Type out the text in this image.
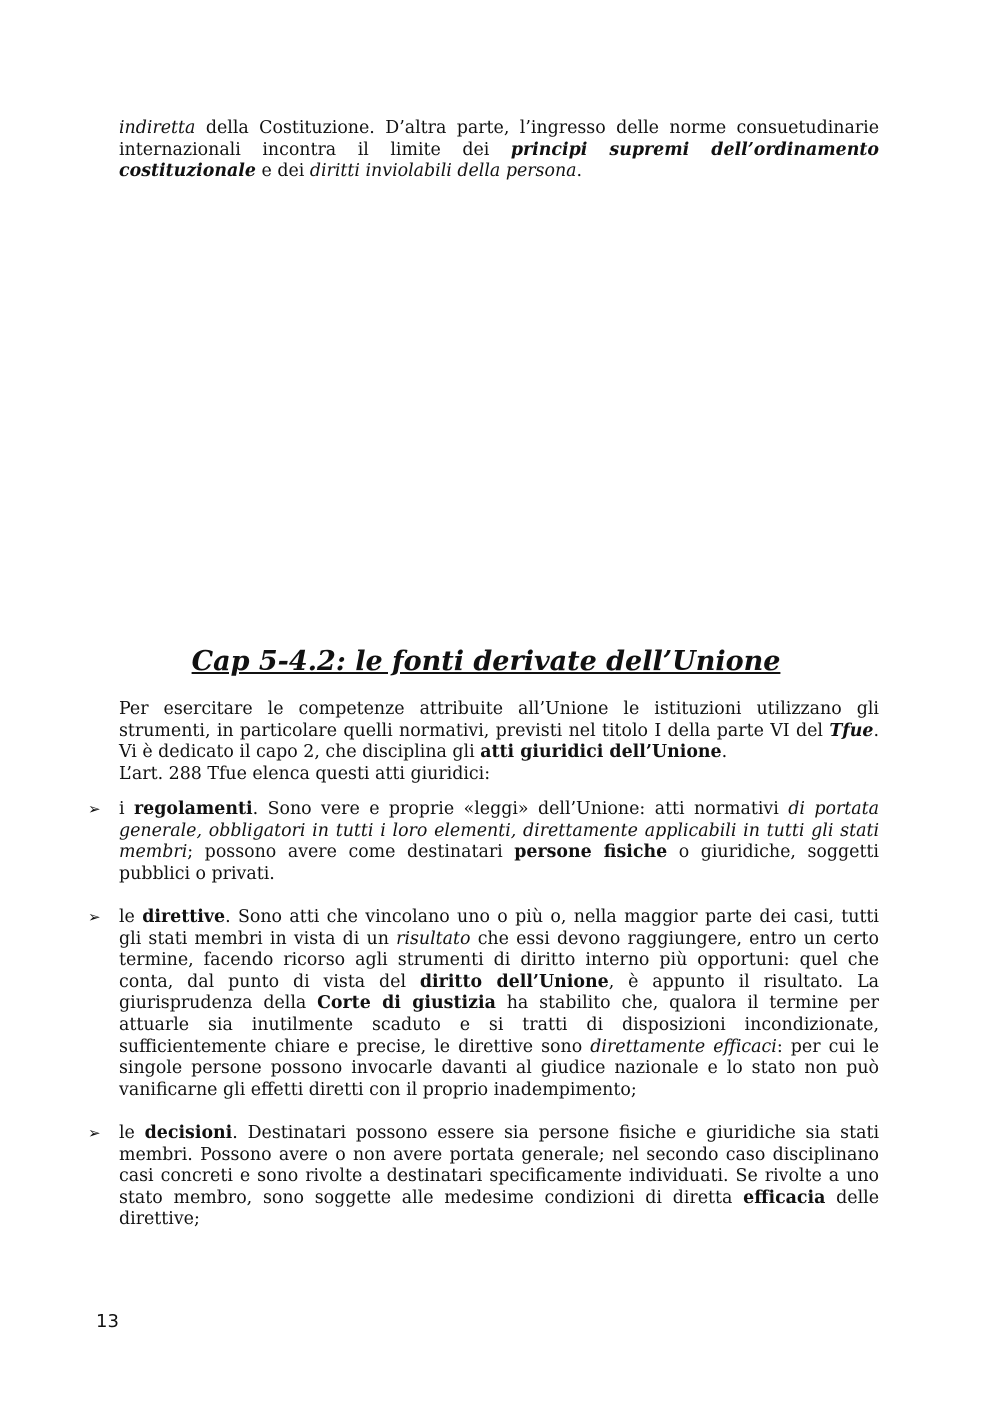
indiretta della Costituzione. D’altra parte, l’ingresso delle norme consuetudinarie internazionali incontra il limite dei principi supremi dell’ordinamento costituzionale e dei diritti inviolabili della persona.

Cap 5-4.2: le fonti derivate dell’Unione

Per esercitare le competenze attribuite all’Unione le istituzioni utilizzano gli strumenti, in particolare quelli normativi, previsti nel titolo I della parte VI del Tfue. Vi è dedicato il capo 2, che disciplina gli atti giuridici dell’Unione.
L’art. 288 Tfue elenca questi atti giuridici:

➢ i regolamenti. Sono vere e proprie «leggi» dell’Unione: atti normativi di portata generale, obbligatori in tutti i loro elementi, direttamente applicabili in tutti gli stati membri; possono avere come destinatari persone fisiche o giuridiche, soggetti pubblici o privati.

➢ le direttive. Sono atti che vincolano uno o più o, nella maggior parte dei casi, tutti gli stati membri in vista di un risultato che essi devono raggiungere, entro un certo termine, facendo ricorso agli strumenti di diritto interno più opportuni: quel che conta, dal punto di vista del diritto dell’Unione, è appunto il risultato. La giurisprudenza della Corte di giustizia ha stabilito che, qualora il termine per attuarle sia inutilmente scaduto e si tratti di disposizioni incondizionate, sufficientemente chiare e precise, le direttive sono direttamente efficaci: per cui le singole persone possono invocarle davanti al giudice nazionale e lo stato non può vanificarne gli effetti diretti con il proprio inadempimento;

➢ le decisioni. Destinatari possono essere sia persone fisiche e giuridiche sia stati membri. Possono avere o non avere portata generale; nel secondo caso disciplinano casi concreti e sono rivolte a destinatari specificamente individuati. Se rivolte a uno stato membro, sono soggette alle medesime condizioni di diretta efficacia delle direttive;

13
